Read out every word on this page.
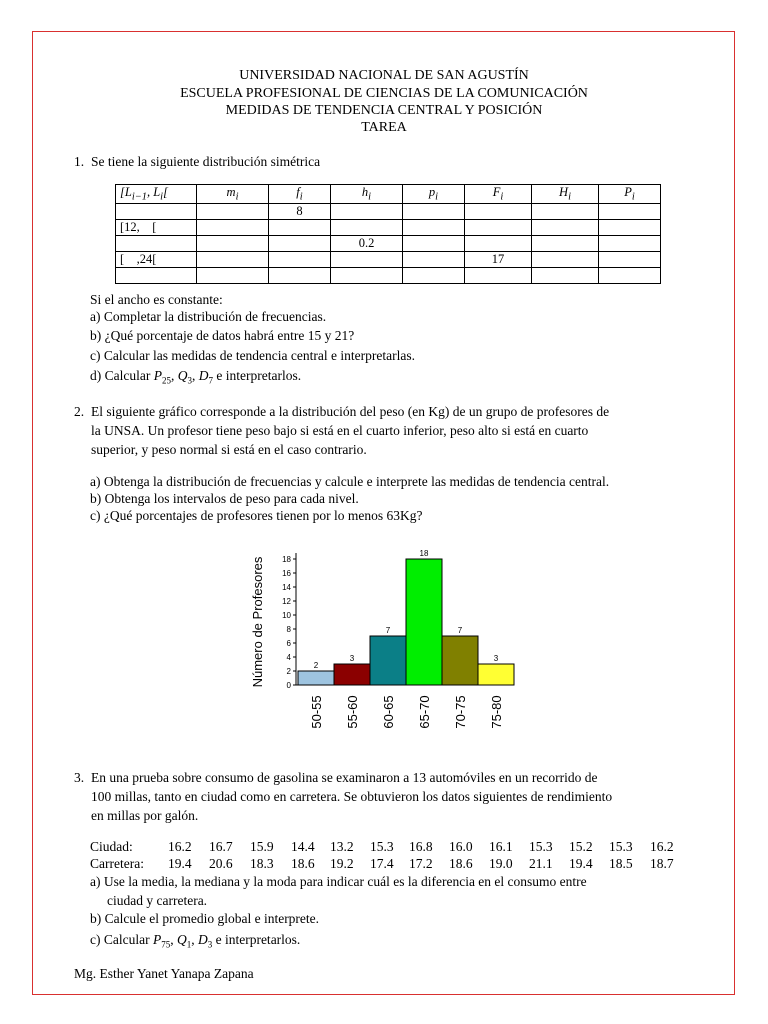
UNIVERSIDAD NACIONAL DE SAN AGUSTÍN
ESCUELA PROFESIONAL DE CIENCIAS DE LA COMUNICACIÓN
MEDIDAS DE TENDENCIA CENTRAL Y POSICIÓN
TAREA
1. Se tiene la siguiente distribución simétrica
[$L_{i-1}$, $L_i$[	$m_i$	$f_i$	$h_i$	$p_i$	$F_i$	$H_i$	$P_i$
		8					
[12,    [							
			0.2				
[    ,24[					17		

Si el ancho es constante:
a) Completar la distribución de frecuencias.
b) ¿Qué porcentaje de datos habrá entre 15 y 21?
c) Calcular las medidas de tendencia central e interpretarlas.
d) Calcular $P_{25}$, $Q_3$, $D_7$ e interpretarlos.
2. El siguiente gráfico corresponde a la distribución del peso (en Kg) de un grupo de profesores de
la UNSA. Un profesor tiene peso bajo si está en el cuarto inferior, peso alto si está en cuarto
superior, y peso normal si está en el caso contrario.
a) Obtenga la distribución de frecuencias y calcule e interprete las medidas de tendencia central.
b) Obtenga los intervalos de peso para cada nivel.
c) ¿Qué porcentajes de profesores tienen por lo menos 63Kg?
Número de Profesores	0
2
4
6
8
10
12
14
16
18
2
50-55
3
55-60
7
60-65
18
65-70
7
70-75
3
75-80
3. En una prueba sobre consumo de gasolina se examinaron a 13 automóviles en un recorrido de
100 millas, tanto en ciudad como en carretera. Se obtuvieron los datos siguientes de rendimiento
en millas por galón.
Ciudad:	16.2 16.7 15.9 14.4 13.2 15.3 16.8 16.0 16.1 15.3 15.2 15.3 16.2
Carretera: 19.4 20.6 18.3 18.6 19.2 17.4 17.2 18.6 19.0 21.1 19.4 18.5 18.7
a) Use la media, la mediana y la moda para indicar cuál es la diferencia en el consumo entre
ciudad y carretera.
b) Calcule el promedio global e interprete.
c) Calcular $P_{75}$, $Q_1$, $D_3$ e interpretarlos.
Mg. Esther Yanet Yanapa Zapana
